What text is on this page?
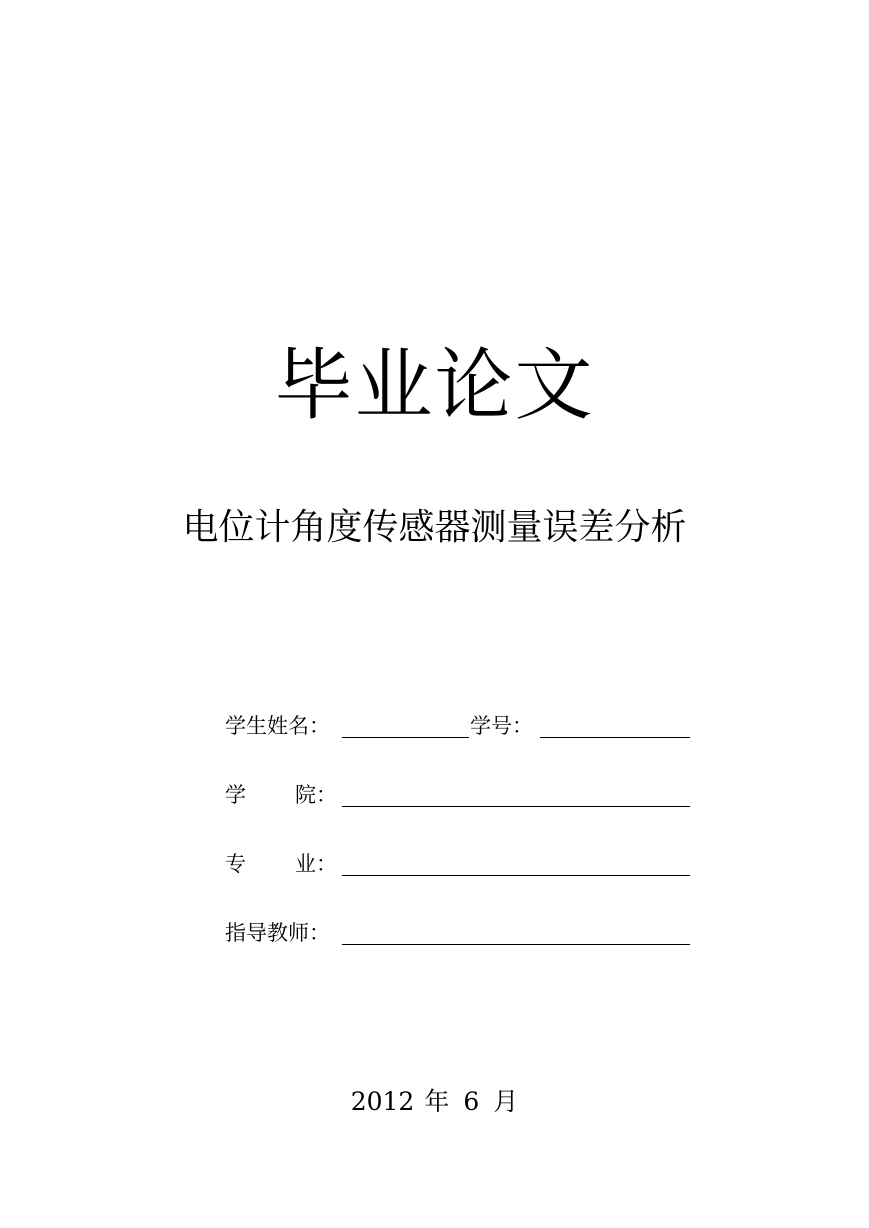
毕业论文
电位计角度传感器测量误差分析
学生姓名：	学号：
学 院：
专 业：
指导教师：
2012 年 6 月
